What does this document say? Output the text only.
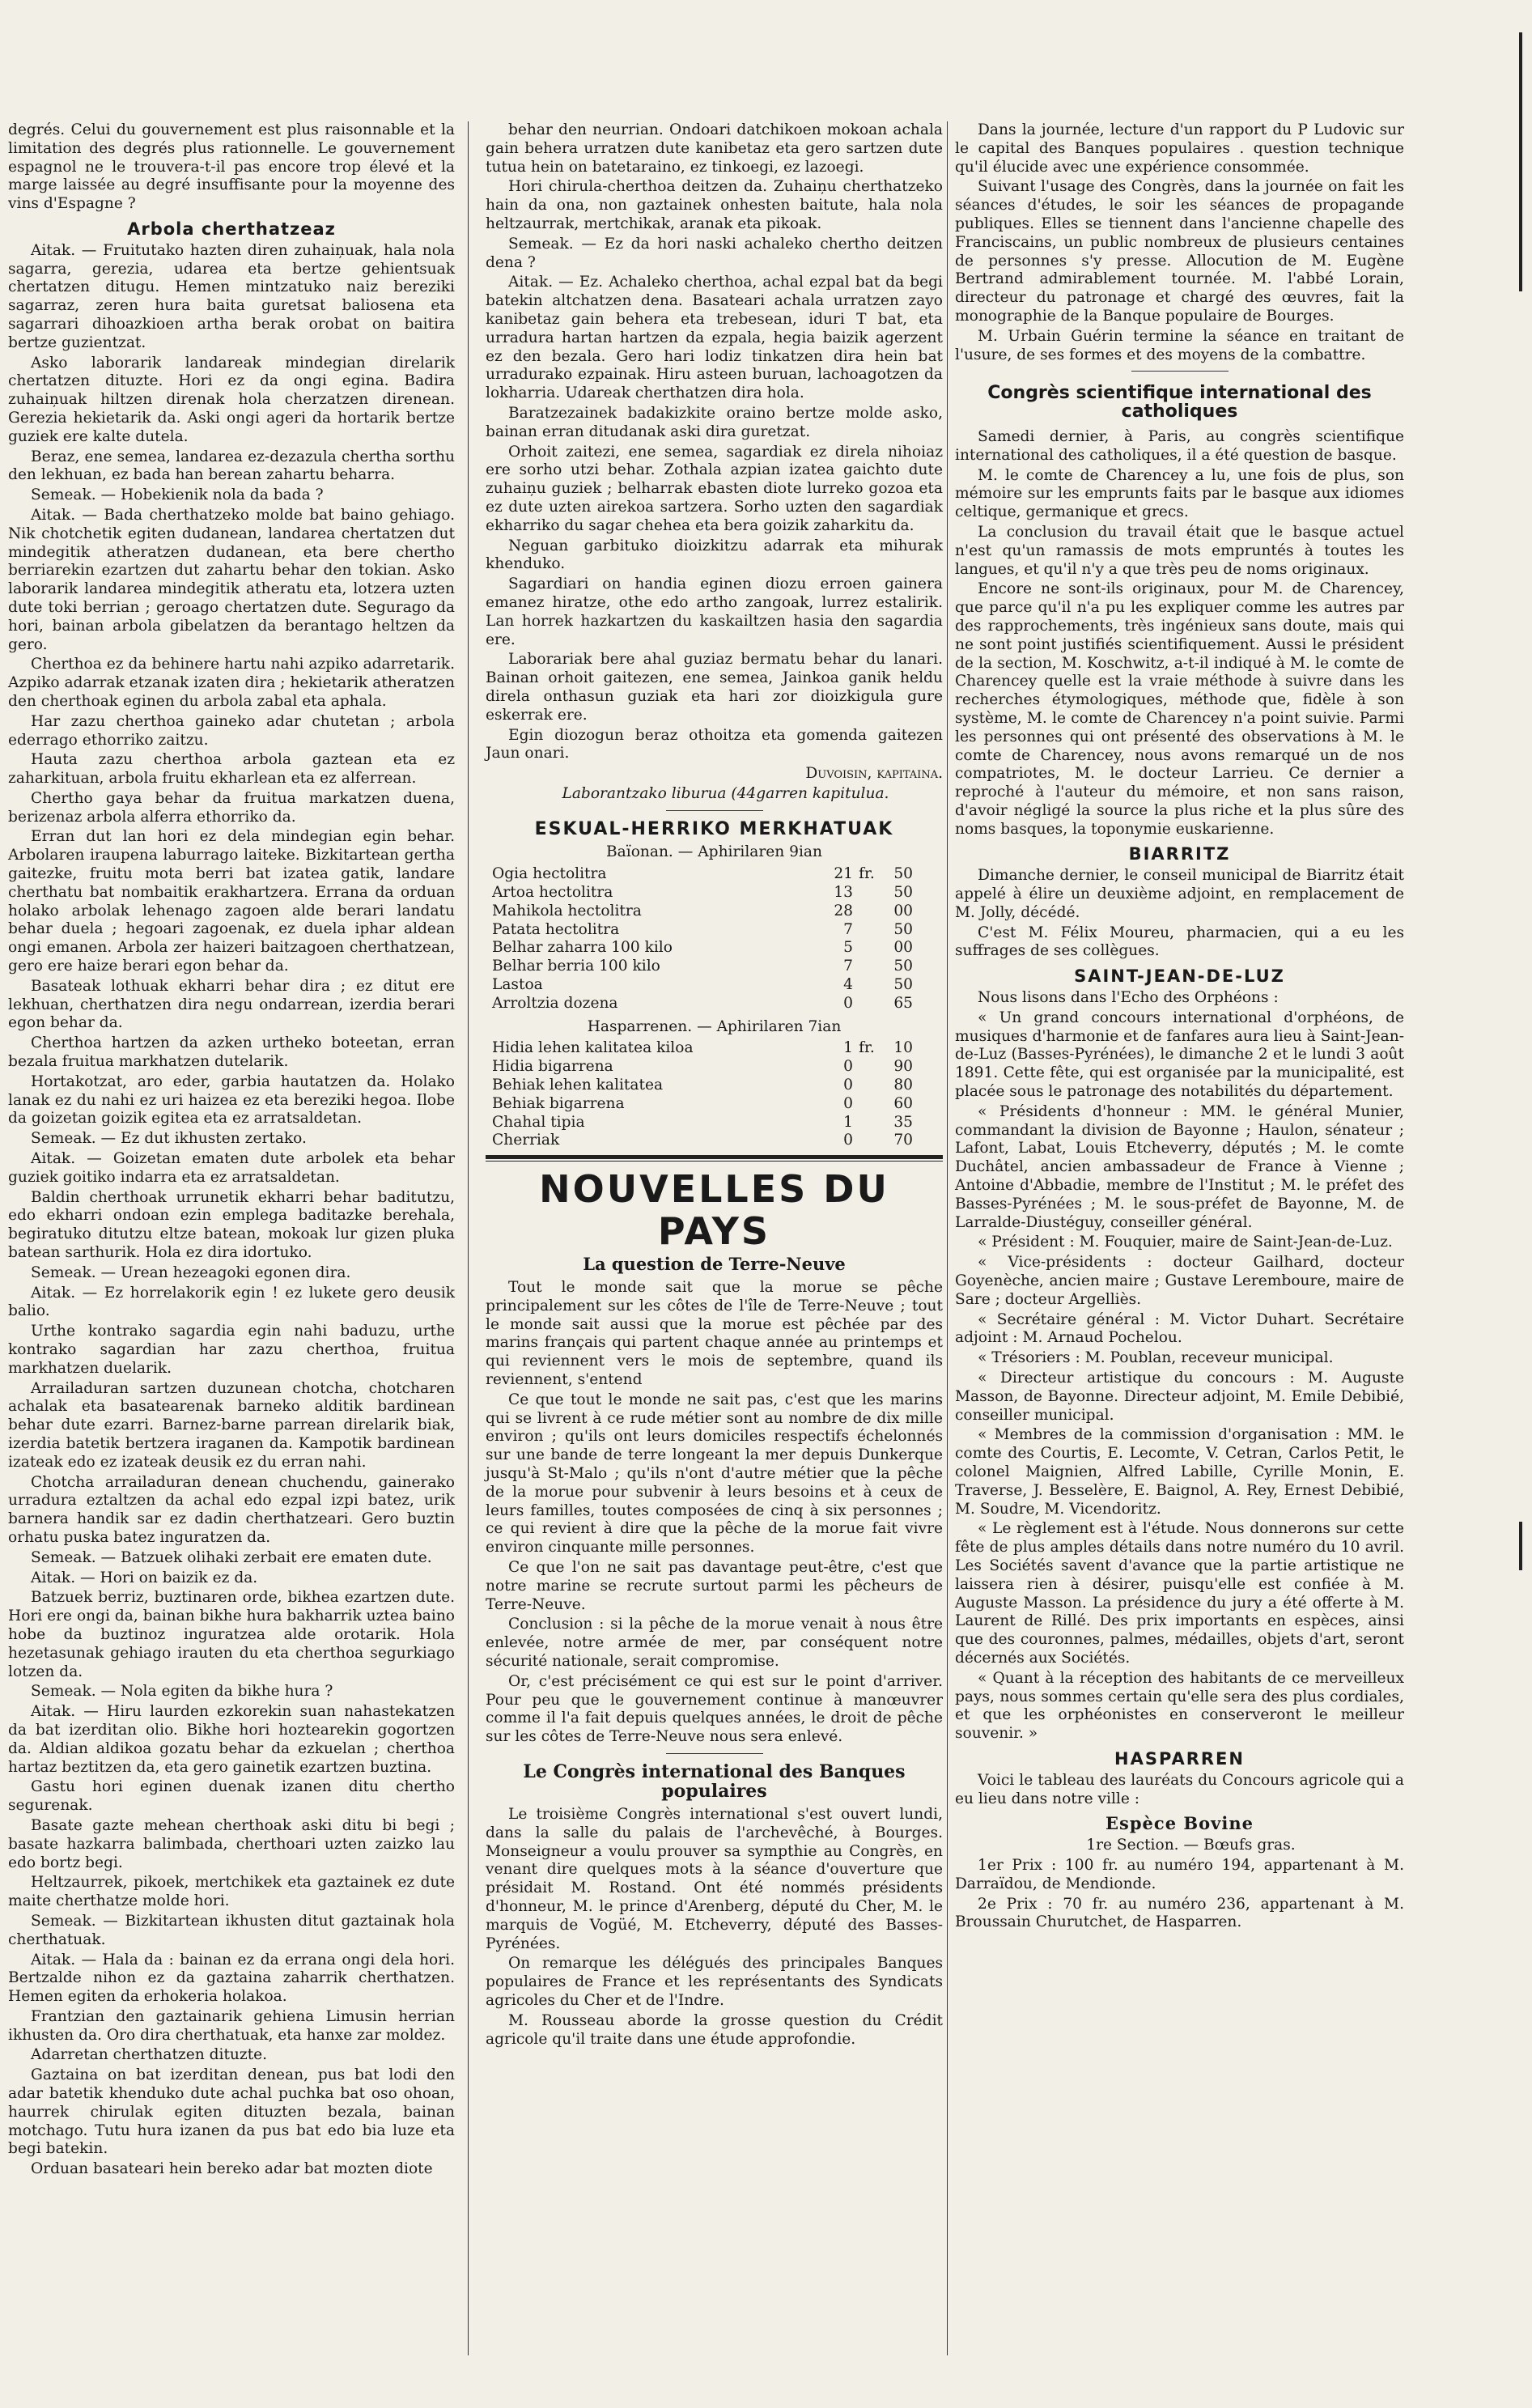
degrés. Celui du gouvernement est plus raisonnable et la limitation des degrés plus rationnelle. Le gouvernement espagnol ne le trouvera-t-il pas encore trop élevé et la marge laissée au degré insuffisante pour la moyenne des vins d'Espagne ?

Arbola cherthatzeaz

Aitak. — Fruitutako hazten diren zuhaiņuak, hala nola sagarra, gerezia, udarea eta bertze gehientsuak chertatzen ditugu. Hemen mintzatuko naiz bereziki sagarraz, zeren hura baita guretsat baliosena eta sagarrari dihoazkioen artha berak orobat on baitira bertze guzientzat.

Asko laborarik landareak mindegian direlarik chertatzen dituzte. Hori ez da ongi egina. Badira zuhaiņuak hiltzen direnak hola cherzatzen direnean. Gerezia hekietarik da. Aski ongi ageri da hortarik bertze guziek ere kalte dutela.

Beraz, ene semea, landarea ez-dezazula chertha sorthu den lekhuan, ez bada han berean zahartu beharra.

Semeak. — Hobekienik nola da bada ?

Aitak. — Bada cherthatzeko molde bat baino gehiago. Nik chotchetik egiten dudanean, landarea chertatzen dut mindegitik atheratzen dudanean, eta bere chertho berriarekin ezartzen dut zahartu behar den tokian. Asko laborarik landarea mindegitik atheratu eta, lotzera uzten dute toki berrian ; geroago chertatzen dute. Segurago da hori, bainan arbola gibelatzen da berantago heltzen da gero.

Cherthoa ez da behinere hartu nahi azpiko adarretarik. Azpiko adarrak etzanak izaten dira ; hekietarik atheratzen den cherthoak eginen du arbola zabal eta aphala.

Har zazu cherthoa gaineko adar chutetan ; arbola ederrago ethorriko zaitzu.

Hauta zazu cherthoa arbola gaztean eta ez zaharkituan, arbola fruitu ekharlean eta ez alferrean.

Chertho gaya behar da fruitua markatzen duena, berizenaz arbola alferra ethorriko da.

Erran dut lan hori ez dela mindegian egin behar. Arbolaren iraupena laburrago laiteke. Bizkitartean gertha gaitezke, fruitu mota berri bat izatea gatik, landare cherthatu bat nombaitik erakhartzera. Errana da orduan holako arbolak lehenago zagoen alde berari landatu behar duela ; hegoari zagoenak, ez duela iphar aldean ongi emanen. Arbola zer haizeri baitzagoen cherthatzean, gero ere haize berari egon behar da.

Basateak lothuak ekharri behar dira ; ez ditut ere lekhuan, cherthatzen dira negu ondarrean, izerdia berari egon behar da.

Cherthoa hartzen da azken urtheko boteetan, erran bezala fruitua markhatzen dutelarik.

Hortakotzat, aro eder, garbia hautatzen da. Holako lanak ez du nahi ez uri haizea ez eta bereziki hegoa. Ilobe da goizetan goizik egitea eta ez arratsaldetan.

Semeak. — Ez dut ikhusten zertako.

Aitak. — Goizetan ematen dute arbolek eta behar guziek goitiko indarra eta ez arratsaldetan.

Baldin cherthoak urrunetik ekharri behar baditutzu, edo ekharri ondoan ezin emplega baditazke berehala, begiratuko ditutzu eltze batean, mokoak lur gizen pluka batean sarthurik. Hola ez dira idortuko.

Semeak. — Urean hezeagoki egonen dira.

Aitak. — Ez horrelakorik egin ! ez lukete gero deusik balio.

Urthe kontrako sagardia egin nahi baduzu, urthe kontrako sagardian har zazu cherthoa, fruitua markhatzen duelarik.

Arrailaduran sartzen duzunean chotcha, chotcharen achalak eta basatearenak barneko alditik bardinean behar dute ezarri. Barnez-barne parrean direlarik biak, izerdia batetik bertzera iraganen da. Kampotik bardinean izateak edo ez izateak deusik ez du erran nahi.

Chotcha arrailaduran denean chuchendu, gainerako urradura eztaltzen da achal edo ezpal izpi batez, urik barnera handik sar ez dadin cherthatzeari. Gero buztin orhatu puska batez inguratzen da.

Semeak. — Batzuek olihaki zerbait ere ematen dute.

Aitak. — Hori on baizik ez da.

Batzuek berriz, buztinaren orde, bikhea ezartzen dute. Hori ere ongi da, bainan bikhe hura bakharrik uztea baino hobe da buztinoz inguratzea alde orotarik. Hola hezetasunak gehiago irauten du eta cherthoa segurkiago lotzen da.

Semeak. — Nola egiten da bikhe hura ?

Aitak. — Hiru laurden ezkorekin suan nahastekatzen da bat izerditan olio. Bikhe hori hoztearekin gogortzen da. Aldian aldikoa gozatu behar da ezkuelan ; cherthoa hartaz beztitzen da, eta gero gainetik ezartzen buztina.

Gastu hori eginen duenak izanen ditu chertho segurenak.

Basate gazte mehean cherthoak aski ditu bi begi ; basate hazkarra balimbada, cherthoari uzten zaizko lau edo bortz begi.

Heltzaurrek, pikoek, mertchikek eta gaztainek ez dute maite cherthatze molde hori.

Semeak. — Bizkitartean ikhusten ditut gaztainak hola cherthatuak.

Aitak. — Hala da : bainan ez da errana ongi dela hori. Bertzalde nihon ez da gaztaina zaharrik cherthatzen. Hemen egiten da erhokeria holakoa.

Frantzian den gaztainarik gehiena Limusin herrian ikhusten da. Oro dira cherthatuak, eta hanxe zar moldez.

Adarretan cherthatzen dituzte.

Gaztaina on bat izerditan denean, pus bat lodi den adar batetik khenduko dute achal puchka bat oso ohoan, haurrek chirulak egiten dituzten bezala, bainan motchago. Tutu hura izanen da pus bat edo bia luze eta begi batekin.

Orduan basateari hein bereko adar bat mozten diote

behar den neurrian. Ondoari datchikoen mokoan achala gain behera urratzen dute kanibetaz eta gero sartzen dute tutua hein on batetaraino, ez tinkoegi, ez lazoegi.

Hori chirula-cherthoa deitzen da. Zuhaiņu cherthatzeko hain da ona, non gaztainek onhesten baitute, hala nola heltzaurrak, mertchikak, aranak eta pikoak.

Semeak. — Ez da hori naski achaleko chertho deitzen dena ?

Aitak. — Ez. Achaleko cherthoa, achal ezpal bat da begi batekin altchatzen dena. Basateari achala urratzen zayo kanibetaz gain behera eta trebesean, iduri T bat, eta urradura hartan hartzen da ezpala, hegia baizik agerzent ez den bezala. Gero hari lodiz tinkatzen dira hein bat urradurako ezpainak. Hiru asteen buruan, lachoagotzen da lokharria. Udareak cherthatzen dira hola.

Baratzezainek badakizkite oraino bertze molde asko, bainan erran ditudanak aski dira guretzat.

Orhoit zaitezi, ene semea, sagardiak ez direla nihoiaz ere sorho utzi behar. Zothala azpian izatea gaichto dute zuhaiņu guziek ; belharrak ebasten diote lurreko gozoa eta ez dute uzten airekoa sartzera. Sorho uzten den sagardiak ekharriko du sagar chehea eta bera goizik zaharkitu da.

Neguan garbituko dioizkitzu adarrak eta mihurak khenduko.

Sagardiari on handia eginen diozu erroen gainera emanez hiratze, othe edo artho zangoak, lurrez estalirik. Lan horrek hazkartzen du kaskailtzen hasia den sagardia ere.

Laborariak bere ahal guziaz bermatu behar du lanari. Bainan orhoit gaitezen, ene semea, Jainkoa ganik heldu direla onthasun guziak eta hari zor dioizkigula gure eskerrak ere.

Egin diozogun beraz othoitza eta gomenda gaitezen Jaun onari.

Duvoisin, kapitaina.

Laborantzako liburua (44garren kapitulua.

ESKUAL-HERRIKO MERKHATUAK
Baïonan. — Aphirilaren 9ian
Ogia hectolitra	21	fr.	50
Artoa hectolitra	13		50
Mahikola hectolitra	28		00
Patata hectolitra	7		50
Belhar zaharra 100 kilo	5		00
Belhar berria 100 kilo	7		50
Lastoa	4		50
Arroltzia dozena	0		65
Hasparrenen. — Aphirilaren 7ian
Hidia lehen kalitatea kiloa	1	fr.	10
Hidia bigarrena	0		90
Behiak lehen kalitatea	0		80
Behiak bigarrena	0		60
Chahal tipia	1		35
Cherriak	0		70
NOUVELLES DU PAYS
La question de Terre-Neuve

Tout le monde sait que la morue se pêche principalement sur les côtes de l'île de Terre-Neuve ; tout le monde sait aussi que la morue est pêchée par des marins français qui partent chaque année au printemps et qui reviennent vers le mois de septembre, quand ils reviennent, s'entend

Ce que tout le monde ne sait pas, c'est que les marins qui se livrent à ce rude métier sont au nombre de dix mille environ ; qu'ils ont leurs domiciles respectifs échelonnés sur une bande de terre longeant la mer depuis Dunkerque jusqu'à St-Malo ; qu'ils n'ont d'autre métier que la pêche de la morue pour subvenir à leurs besoins et à ceux de leurs familles, toutes composées de cinq à six personnes ; ce qui revient à dire que la pêche de la morue fait vivre environ cinquante mille personnes.

Ce que l'on ne sait pas davantage peut-être, c'est que notre marine se recrute surtout parmi les pêcheurs de Terre-Neuve.

Conclusion : si la pêche de la morue venait à nous être enlevée, notre armée de mer, par conséquent notre sécurité nationale, serait compromise.

Or, c'est précisément ce qui est sur le point d'arriver. Pour peu que le gouvernement continue à manœuvrer comme il l'a fait depuis quelques années, le droit de pêche sur les côtes de Terre-Neuve nous sera enlevé.

Le Congrès international des Banques populaires

Le troisième Congrès international s'est ouvert lundi, dans la salle du palais de l'archevêché, à Bourges. Monseigneur a voulu prouver sa sympthie au Congrès, en venant dire quelques mots à la séance d'ouverture que présidait M. Rostand. Ont été nommés présidents d'honneur, M. le prince d'Arenberg, député du Cher, M. le marquis de Vogüé, M. Etcheverry, député des Basses-Pyrénées.

On remarque les délégués des principales Banques populaires de France et les représentants des Syndicats agricoles du Cher et de l'Indre.

M. Rousseau aborde la grosse question du Crédit agricole qu'il traite dans une étude approfondie.

Dans la journée, lecture d'un rapport du P Ludovic sur le capital des Banques populaires . question technique qu'il élucide avec une expérience consommée.

Suivant l'usage des Congrès, dans la journée on fait les séances d'études, le soir les séances de propagande publiques. Elles se tiennent dans l'ancienne chapelle des Franciscains, un public nombreux de plusieurs centaines de personnes s'y presse. Allocution de M. Eugène Bertrand admirablement tournée. M. l'abbé Lorain, directeur du patronage et chargé des œuvres, fait la monographie de la Banque populaire de Bourges.

M. Urbain Guérin termine la séance en traitant de l'usure, de ses formes et des moyens de la combattre.

Congrès scientifique international des catholiques

Samedi dernier, à Paris, au congrès scientifique international des catholiques, il a été question de basque.

M. le comte de Charencey a lu, une fois de plus, son mémoire sur les emprunts faits par le basque aux idiomes celtique, germanique et grecs.

La conclusion du travail était que le basque actuel n'est qu'un ramassis de mots empruntés à toutes les langues, et qu'il n'y a que très peu de noms originaux.

Encore ne sont-ils originaux, pour M. de Charencey, que parce qu'il n'a pu les expliquer comme les autres par des rapprochements, très ingénieux sans doute, mais qui ne sont point justifiés scientifiquement. Aussi le président de la section, M. Koschwitz, a-t-il indiqué à M. le comte de Charencey quelle est la vraie méthode à suivre dans les recherches étymologiques, méthode que, fidèle à son système, M. le comte de Charencey n'a point suivie. Parmi les personnes qui ont présenté des observations à M. le comte de Charencey, nous avons remarqué un de nos compatriotes, M. le docteur Larrieu. Ce dernier a reproché à l'auteur du mémoire, et non sans raison, d'avoir négligé la source la plus riche et la plus sûre des noms basques, la toponymie euskarienne.

BIARRITZ

Dimanche dernier, le conseil municipal de Biarritz était appelé à élire un deuxième adjoint, en remplacement de M. Jolly, décédé.

C'est M. Félix Moureu, pharmacien, qui a eu les suffrages de ses collègues.

SAINT-JEAN-DE-LUZ

Nous lisons dans l'Echo des Orphéons :

« Un grand concours international d'orphéons, de musiques d'harmonie et de fanfares aura lieu à Saint-Jean-de-Luz (Basses-Pyrénées), le dimanche 2 et le lundi 3 août 1891. Cette fête, qui est organisée par la municipalité, est placée sous le patronage des notabilités du département.

« Présidents d'honneur : MM. le général Munier, commandant la division de Bayonne ; Haulon, sénateur ; Lafont, Labat, Louis Etcheverry, députés ; M. le comte Duchâtel, ancien ambassadeur de France à Vienne ; Antoine d'Abbadie, membre de l'Institut ; M. le préfet des Basses-Pyrénées ; M. le sous-préfet de Bayonne, M. de Larralde-Diustéguy, conseiller général.

« Président : M. Fouquier, maire de Saint-Jean-de-Luz.

« Vice-présidents : docteur Gailhard, docteur Goyenèche, ancien maire ; Gustave Leremboure, maire de Sare ; docteur Argelliès.

« Secrétaire général : M. Victor Duhart. Secrétaire adjoint : M. Arnaud Pochelou.

« Trésoriers : M. Poublan, receveur municipal.

« Directeur artistique du concours : M. Auguste Masson, de Bayonne. Directeur adjoint, M. Emile Debibié, conseiller municipal.

« Membres de la commission d'organisation : MM. le comte des Courtis, E. Lecomte, V. Cetran, Carlos Petit, le colonel Maignien, Alfred Labille, Cyrille Monin, E. Traverse, J. Besselère, E. Baignol, A. Rey, Ernest Debibié, M. Soudre, M. Vicendoritz.

« Le règlement est à l'étude. Nous donnerons sur cette fête de plus amples détails dans notre numéro du 10 avril. Les Sociétés savent d'avance que la partie artistique ne laissera rien à désirer, puisqu'elle est confiée à M. Auguste Masson. La présidence du jury a été offerte à M. Laurent de Rillé. Des prix importants en espèces, ainsi que des couronnes, palmes, médailles, objets d'art, seront décernés aux Sociétés.

« Quant à la réception des habitants de ce merveilleux pays, nous sommes certain qu'elle sera des plus cordiales, et que les orphéonistes en conserveront le meilleur souvenir. »

HASPARREN

Voici le tableau des lauréats du Concours agricole qui a eu lieu dans notre ville :

Espèce Bovine

1re Section. — Bœufs gras.

1er Prix : 100 fr. au numéro 194, appartenant à M. Darraïdou, de Mendionde.

2e Prix : 70 fr. au numéro 236, appartenant à M. Broussain Churutchet, de Hasparren.
